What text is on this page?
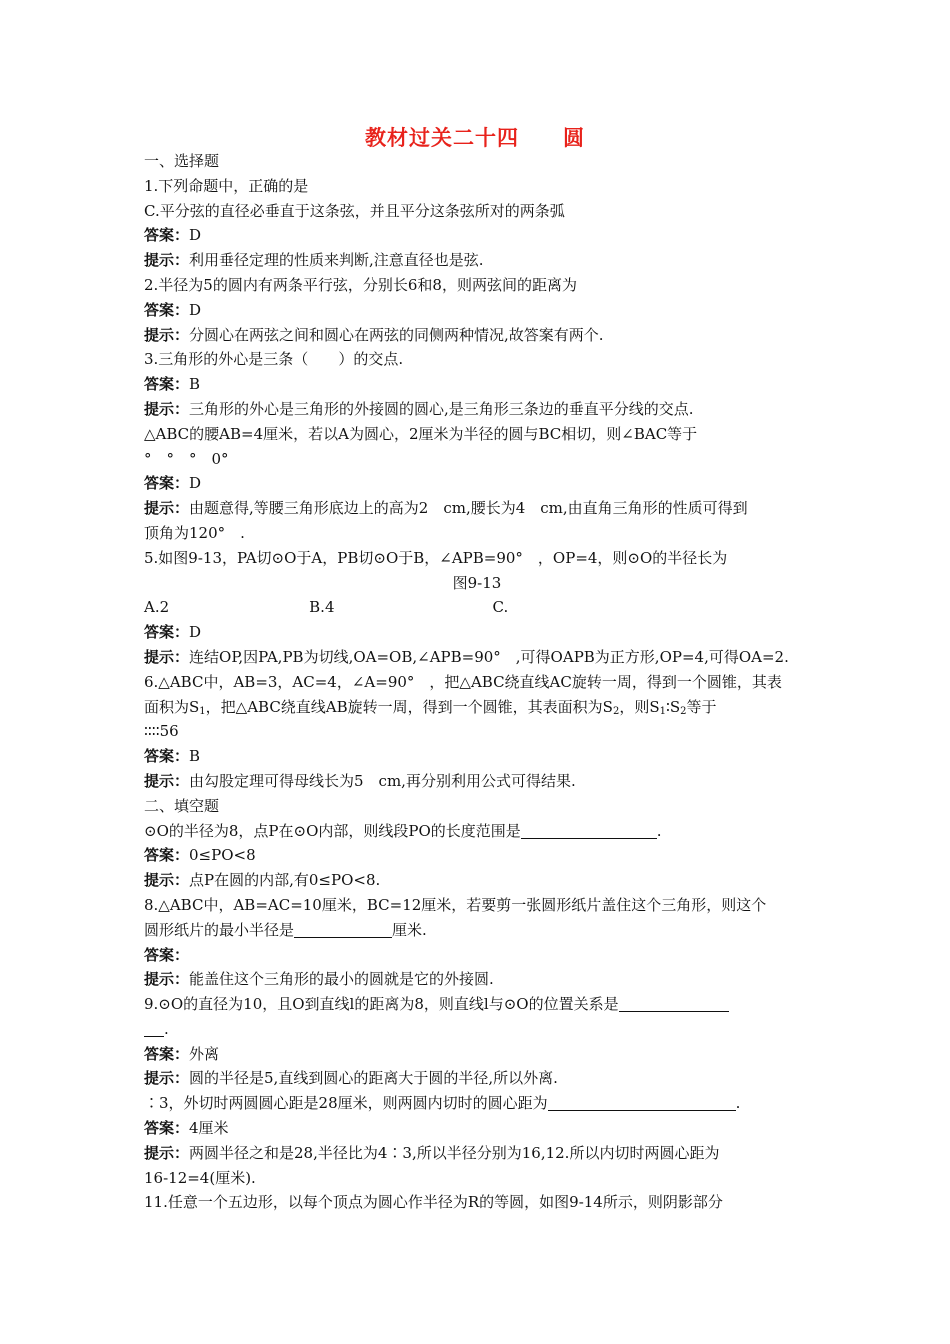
教材过关二十四　　圆
一、选择题
1.下列命题中，正确的是
C.平分弦的直径必垂直于这条弦，并且平分这条弦所对的两条弧
答案：D
提示：利用垂径定理的性质来判断,注意直径也是弦.
2.半径为5的圆内有两条平行弦，分别长6和8，则两弦间的距离为
答案：D
提示：分圆心在两弦之间和圆心在两弦的同侧两种情况,故答案有两个.
3.三角形的外心是三条（　　）的交点.
答案：B
提示：三角形的外心是三角形的外接圆的圆心,是三角形三条边的垂直平分线的交点.
△ABC的腰AB=4厘米，若以A为圆心，2厘米为半径的圆与BC相切，则∠BAC等于
°　°　°　0°
答案：D
提示：由题意得,等腰三角形底边上的高为2　cm,腰长为4　cm,由直角三角形的性质可得到
顶角为120°　.
5.如图9-13，PA切⊙O于A，PB切⊙O于B，∠APB=90°　，OP=4，则⊙O的半径长为
图9-13
A.2	B.4	C.
答案：D
提示：连结OP,因PA,PB为切线,OA=OB,∠APB=90°　,可得OAPB为正方形,OP=4,可得OA=2.
6.△ABC中，AB=3，AC=4，∠A=90°　，把△ABC绕直线AC旋转一周，得到一个圆锥，其表
面积为$S_1$，把△ABC绕直线AB旋转一周，得到一个圆锥，其表面积为$S_2$，则$S_1∶S_2$等于
∶∶∶∶56
答案：B
提示：由勾股定理可得母线长为5　cm,再分别利用公式可得结果.
二、填空题
⊙O的半径为8，点P在⊙O内部，则线段PO的长度范围是	.
答案：0≤PO<8
提示：点P在圆的内部,有0≤PO<8.
8.△ABC中，AB=AC=10厘米，BC=12厘米，若要剪一张圆形纸片盖住这个三角形，则这个
圆形纸片的最小半径是	厘米.
答案：
提示：能盖住这个三角形的最小的圆就是它的外接圆.
9.⊙O的直径为10，且O到直线l的距离为8，则直线l与⊙O的位置关系是
.
答案：外离
提示：圆的半径是5,直线到圆心的距离大于圆的半径,所以外离.
∶3，外切时两圆圆心距是28厘米，则两圆内切时的圆心距为	.
答案：4厘米
提示：两圆半径之和是28,半径比为4∶3,所以半径分别为16,12.所以内切时两圆心距为
16-12=4(厘米).
11.任意一个五边形，以每个顶点为圆心作半径为R的等圆，如图9-14所示，则阴影部分
